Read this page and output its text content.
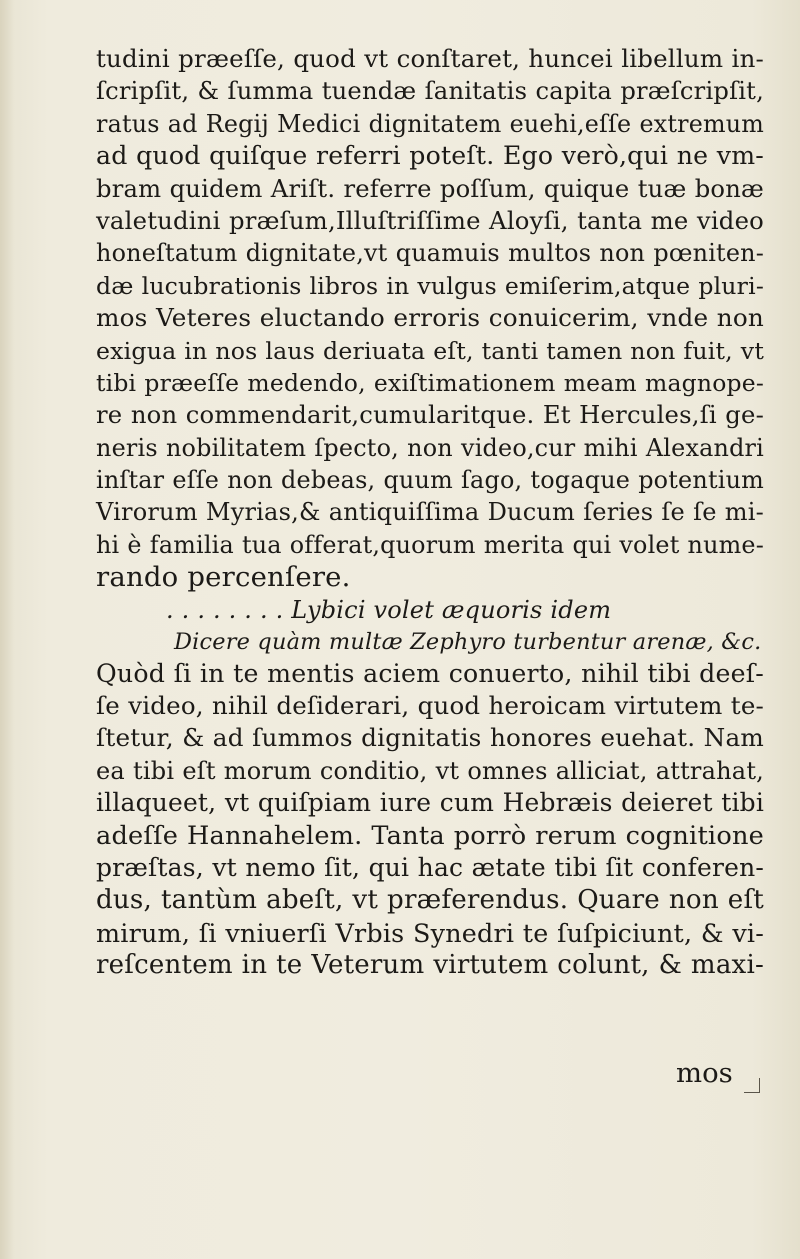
tudini præeſſe, quod vt conſtaret, huncei libellum in-
ſcripſit, & ſumma tuendæ ſanitatis capita præſcripſit,
ratus ad Regij Medici dignitatem euehi,eſſe extremum
ad quod quiſque referri poteſt. Ego verò,qui ne vm-
bram quidem Ariſt. referre poſſum, quique tuæ bonæ
valetudini præſum,Illuſtriſſime Aloyſi, tanta me video
honeſtatum dignitate,vt quamuis multos non pœniten-
dæ lucubrationis libros in vulgus emiſerim,atque pluri-
mos Veteres eluctando erroris conuicerim, vnde non
exigua in nos laus deriuata eſt, tanti tamen non fuit, vt
tibi præeſſe medendo, exiſtimationem meam magnope-
re non commendarit,cumularitque. Et Hercules,ſi ge-
neris nobilitatem ſpecto, non video,cur mihi Alexandri
inſtar eſſe non debeas, quum ſago, togaque potentium
Virorum Myrias,& antiquiſſima Ducum ſeries ſe ſe mi-
hi è familia tua offerat,quorum merita qui volet nume-
rando percenſere.
. . . . . . . . Lybici volet æquoris idem
Dicere quàm multæ Zephyro turbentur arenæ, &c.
Quòd ſi in te mentis aciem conuerto, nihil tibi deeſ-
ſe video, nihil deſiderari, quod heroicam virtutem te-
ſtetur, & ad ſummos dignitatis honores euehat. Nam
ea tibi eſt morum conditio, vt omnes alliciat, attrahat,
illaqueet, vt quiſpiam iure cum Hebræis deieret tibi
adeſſe Hannahelem. Tanta porrò rerum cognitione
præſtas, vt nemo ſit, qui hac ætate tibi ſit conferen-
dus, tantùm abeſt, vt præferendus. Quare non eſt
mirum, ſi vniuerſi Vrbis Synedri te ſuſpiciunt, & vi-
reſcentem in te Veterum virtutem colunt, & maxi-
mos
